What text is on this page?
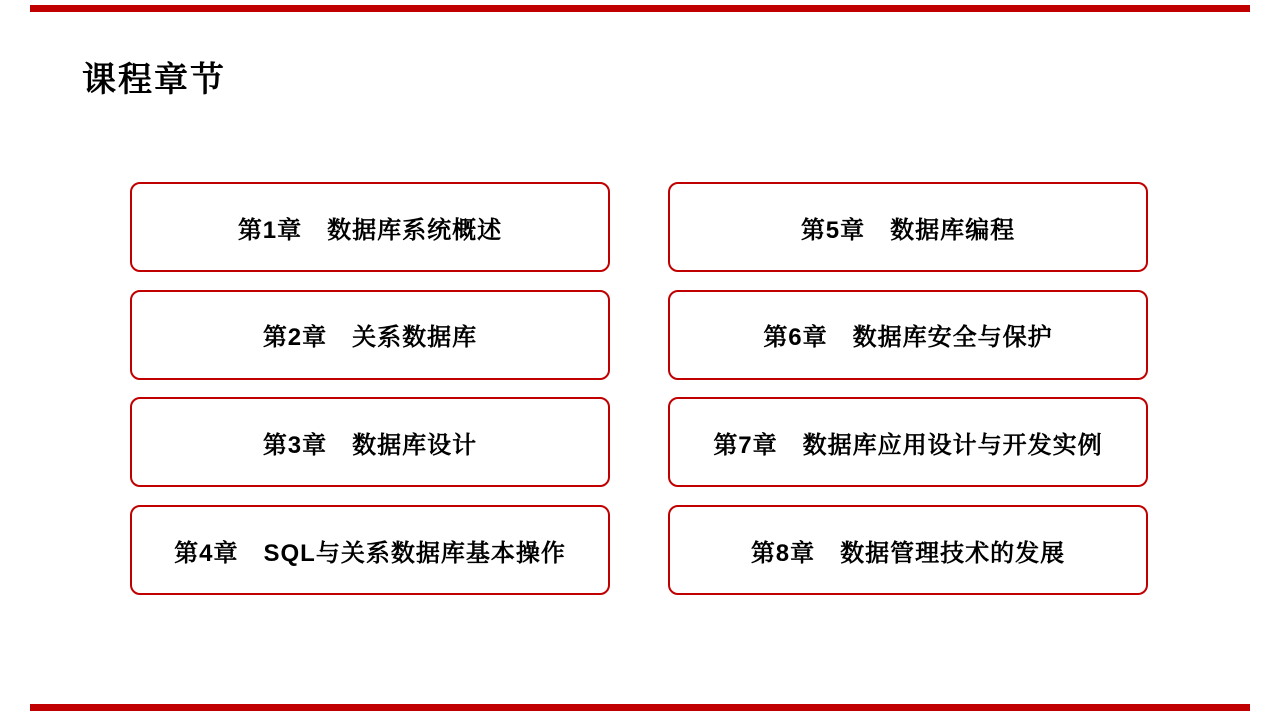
课程章节
第1章　数据库系统概述
第2章　关系数据库
第3章　数据库设计
第4章　SQL与关系数据库基本操作
第5章　数据库编程
第6章　数据库安全与保护
第7章　数据库应用设计与开发实例
第8章　数据管理技术的发展
